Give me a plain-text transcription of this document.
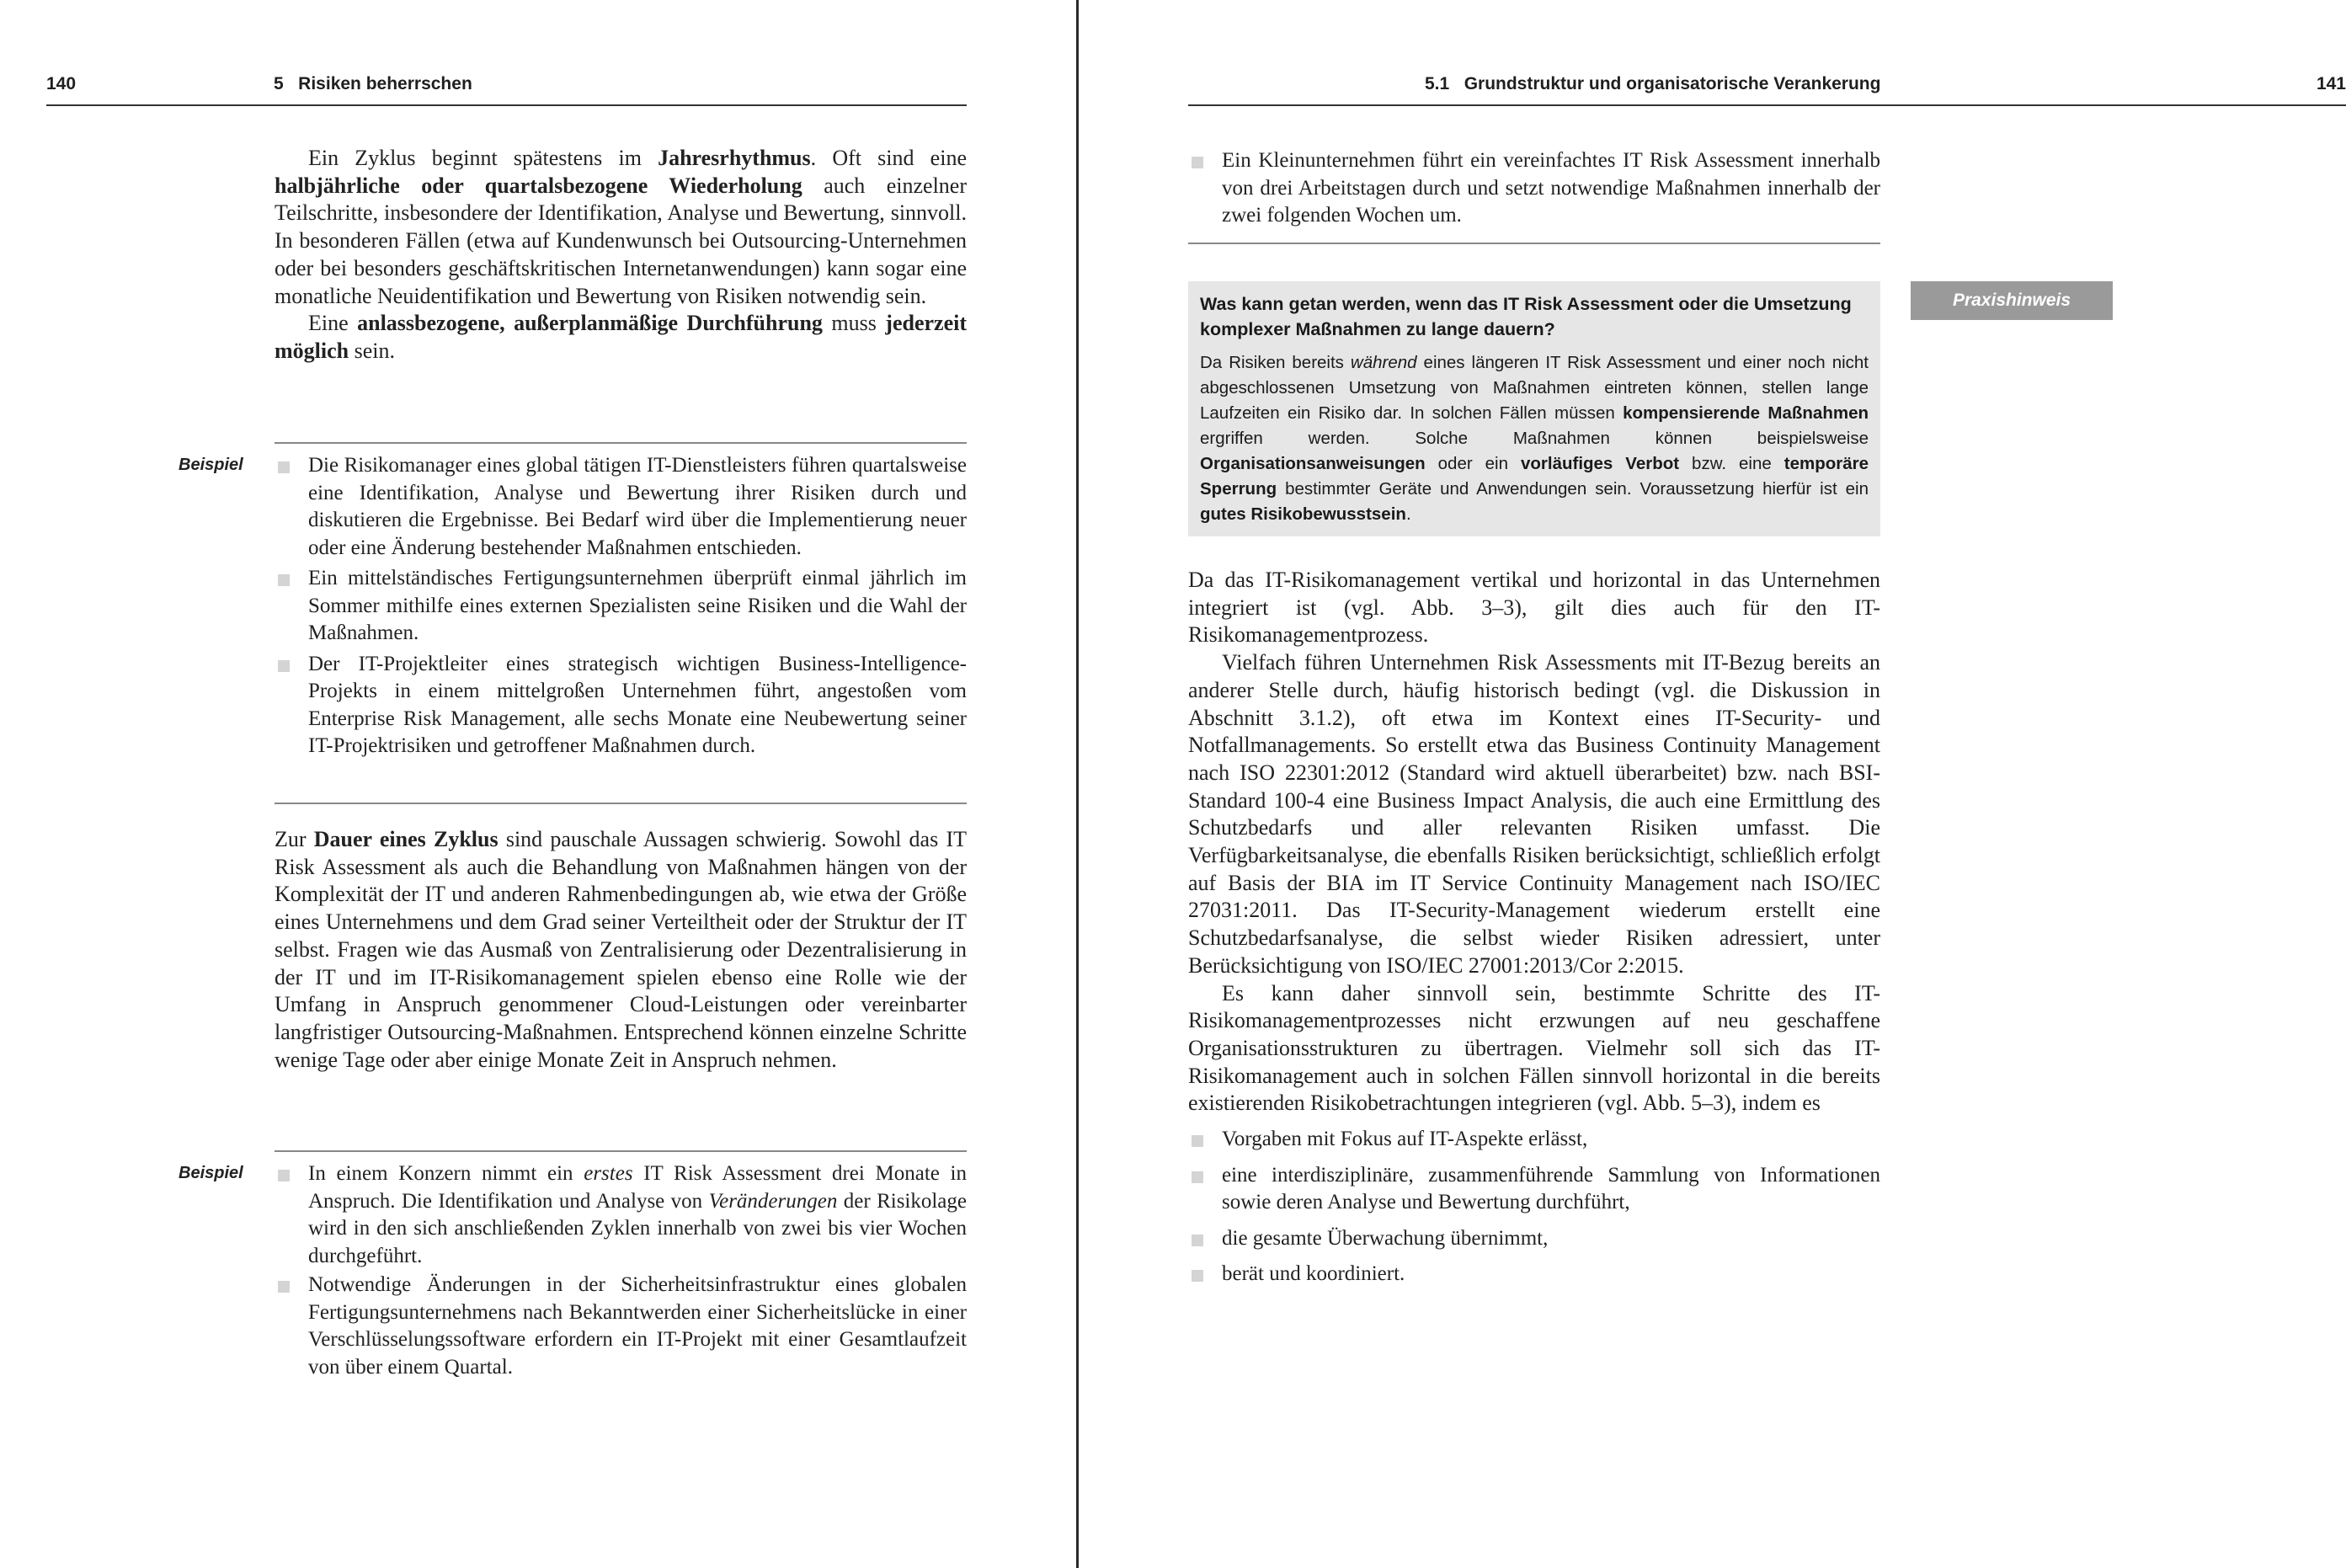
140	5   Risiken beherrschen

Ein Zyklus beginnt spätestens im Jahresrhythmus. Oft sind eine halbjährliche oder quartalsbezogene Wiederholung auch einzelner Teilschritte, insbesondere der Identifikation, Analyse und Bewertung, sinnvoll. In besonderen Fällen (etwa auf Kundenwunsch bei Outsourcing-Unternehmen oder bei besonders geschäftskritischen Internetanwendungen) kann sogar eine monatliche Neuidentifikation und Bewertung von Risiken notwendig sein.

Eine anlassbezogene, außerplanmäßige Durchführung muss jederzeit möglich sein.

Beispiel	Die Risikomanager eines global tätigen IT-Dienstleisters führen quartalsweise eine Identifikation, Analyse und Bewertung ihrer Risiken durch und diskutieren die Ergebnisse. Bei Bedarf wird über die Implementierung neuer oder eine Änderung bestehender Maßnahmen entschieden.
Ein mittelständisches Fertigungsunternehmen überprüft einmal jährlich im Sommer mithilfe eines externen Spezialisten seine Risiken und die Wahl der Maßnahmen.
Der IT-Projektleiter eines strategisch wichtigen Business-Intelligence-Projekts in einem mittelgroßen Unternehmen führt, angestoßen vom Enterprise Risk Management, alle sechs Monate eine Neubewertung seiner IT-Projektrisiken und getroffener Maßnahmen durch.

Zur Dauer eines Zyklus sind pauschale Aussagen schwierig. Sowohl das IT Risk Assessment als auch die Behandlung von Maßnahmen hängen von der Komplexität der IT und anderen Rahmenbedingungen ab, wie etwa der Größe eines Unternehmens und dem Grad seiner Verteiltheit oder der Struktur der IT selbst. Fragen wie das Ausmaß von Zentralisierung oder Dezentralisierung in der IT und im IT-Risikomanagement spielen ebenso eine Rolle wie der Umfang in Anspruch genommener Cloud-Leistungen oder vereinbarter langfristiger Outsourcing-Maßnahmen. Entsprechend können einzelne Schritte wenige Tage oder aber einige Monate Zeit in Anspruch nehmen.

Beispiel	In einem Konzern nimmt ein erstes IT Risk Assessment drei Monate in Anspruch. Die Identifikation und Analyse von Veränderungen der Risikolage wird in den sich anschließenden Zyklen innerhalb von zwei bis vier Wochen durchgeführt.
Notwendige Änderungen in der Sicherheitsinfrastruktur eines globalen Fertigungsunternehmens nach Bekanntwerden einer Sicherheitslücke in einer Verschlüsselungssoftware erfordern ein IT-Projekt mit einer Gesamtlaufzeit von über einem Quartal.
5.1   Grundstruktur und organisatorische Verankerung	141
Ein Kleinunternehmen führt ein vereinfachtes IT Risk Assessment innerhalb von drei Arbeitstagen durch und setzt notwendige Maßnahmen innerhalb der zwei folgenden Wochen um.
Was kann getan werden, wenn das IT Risk Assessment oder die Umsetzung komplexer Maßnahmen zu lange dauern?
Da Risiken bereits während eines längeren IT Risk Assessment und einer noch nicht abgeschlossenen Umsetzung von Maßnahmen eintreten können, stellen lange Laufzeiten ein Risiko dar. In solchen Fällen müssen kompensierende Maßnahmen ergriffen werden. Solche Maßnahmen können beispielsweise Organisationsanweisungen oder ein vorläufiges Verbot bzw. eine temporäre Sperrung bestimmter Geräte und Anwendungen sein. Voraussetzung hierfür ist ein gutes Risikobewusstsein.
Praxishinweis

Da das IT-Risikomanagement vertikal und horizontal in das Unternehmen integriert ist (vgl. Abb. 3–3), gilt dies auch für den IT-Risikomanagementprozess.

Vielfach führen Unternehmen Risk Assessments mit IT-Bezug bereits an anderer Stelle durch, häufig historisch bedingt (vgl. die Diskussion in Abschnitt 3.1.2), oft etwa im Kontext eines IT-Security- und Notfallmanagements. So erstellt etwa das Business Continuity Management nach ISO 22301:2012 (Standard wird aktuell überarbeitet) bzw. nach BSI-Standard 100-4 eine Business Impact Analysis, die auch eine Ermittlung des Schutzbedarfs und aller relevanten Risiken umfasst. Die Verfügbarkeitsanalyse, die ebenfalls Risiken berücksichtigt, schließlich erfolgt auf Basis der BIA im IT Service Continuity Management nach ISO/IEC 27031:2011. Das IT-Security-Management wiederum erstellt eine Schutzbedarfsanalyse, die selbst wieder Risiken adressiert, unter Berücksichtigung von ISO/IEC 27001:2013/Cor 2:2015.

Es kann daher sinnvoll sein, bestimmte Schritte des IT-Risikomanagementprozesses nicht erzwungen auf neu geschaffene Organisationsstrukturen zu übertragen. Vielmehr soll sich das IT-Risikomanagement auch in solchen Fällen sinnvoll horizontal in die bereits existierenden Risikobetrachtungen integrieren (vgl. Abb. 5–3), indem es

Vorgaben mit Fokus auf IT-Aspekte erlässt,
eine interdisziplinäre, zusammenführende Sammlung von Informationen sowie deren Analyse und Bewertung durchführt,
die gesamte Überwachung übernimmt,
berät und koordiniert.
